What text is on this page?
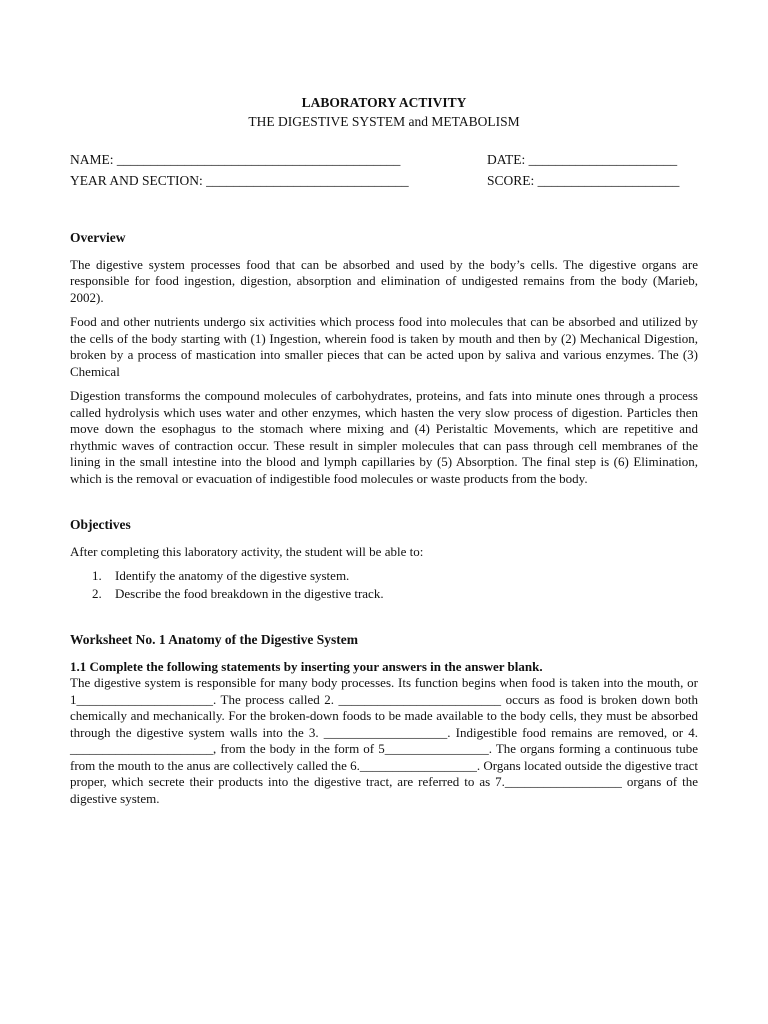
LABORATORY ACTIVITY
THE DIGESTIVE SYSTEM and METABOLISM
NAME: __________________________________________	DATE: ______________________
YEAR AND SECTION: ______________________________	SCORE: _____________________
Overview

The digestive system processes food that can be absorbed and used by the body’s cells. The digestive organs are responsible for food ingestion, digestion, absorption and elimination of undigested remains from the body (Marieb, 2002).

Food and other nutrients undergo six activities which process food into molecules that can be absorbed and utilized by the cells of the body starting with (1) Ingestion, wherein food is taken by mouth and then by (2) Mechanical Digestion, broken by a process of mastication into smaller pieces that can be acted upon by saliva and various enzymes. The (3) Chemical

Digestion transforms the compound molecules of carbohydrates, proteins, and fats into minute ones through a process called hydrolysis which uses water and other enzymes, which hasten the very slow process of digestion. Particles then move down the esophagus to the stomach where mixing and (4) Peristaltic Movements, which are repetitive and rhythmic waves of contraction occur. These result in simpler molecules that can pass through cell membranes of the lining in the small intestine into the blood and lymph capillaries by (5) Absorption. The final step is (6) Elimination, which is the removal or evacuation of indigestible food molecules or waste products from the body.

Objectives

After completing this laboratory activity, the student will be able to:

1. Identify the anatomy of the digestive system.
2. Describe the food breakdown in the digestive track.
Worksheet No. 1 Anatomy of the Digestive System

1.1 Complete the following statements by inserting your answers in the answer blank.

The digestive system is responsible for many body processes. Its function begins when food is taken into the mouth, or 1_____________________. The process called 2. _________________________ occurs as food is broken down both chemically and mechanically. For the broken-down foods to be made available to the body cells, they must be absorbed through the digestive system walls into the 3. ___________________. Indigestible food remains are removed, or 4. ______________________, from the body in the form of 5________________. The organs forming a continuous tube from the mouth to the anus are collectively called the 6.__________________. Organs located outside the digestive tract proper, which secrete their products into the digestive tract, are referred to as 7.__________________ organs of the digestive system.
